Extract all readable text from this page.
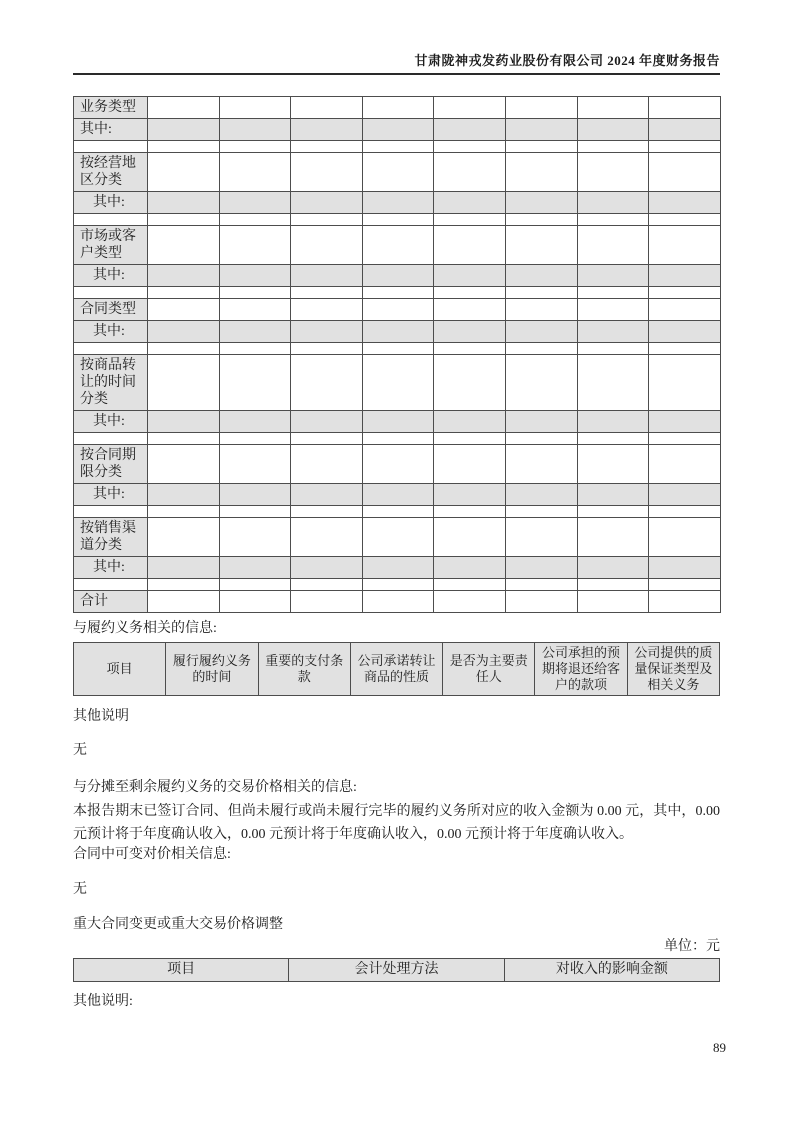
甘肃陇神戎发药业股份有限公司 2024 年度财务报告
业务类型								
其中:								

按经营地区分类								
其中:								

市场或客户类型								
其中:								

合同类型								
其中:								

按商品转让的时间分类								
其中:								

按合同期限分类								
其中:								

按销售渠道分类								
其中:								

合计								
与履约义务相关的信息:
项目	履行履约义务的时间	重要的支付条款	公司承诺转让商品的性质	是否为主要责任人	公司承担的预期将退还给客户的款项	公司提供的质量保证类型及相关义务
其他说明
无
与分摊至剩余履约义务的交易价格相关的信息:
本报告期末已签订合同、但尚未履行或尚未履行完毕的履约义务所对应的收入金额为 0.00 元，其中，0.00 元预计将于年度确认收入，0.00 元预计将于年度确认收入，0.00 元预计将于年度确认收入。
合同中可变对价相关信息:
无
重大合同变更或重大交易价格调整
单位：元
项目	会计处理方法	对收入的影响金额
其他说明:
89
